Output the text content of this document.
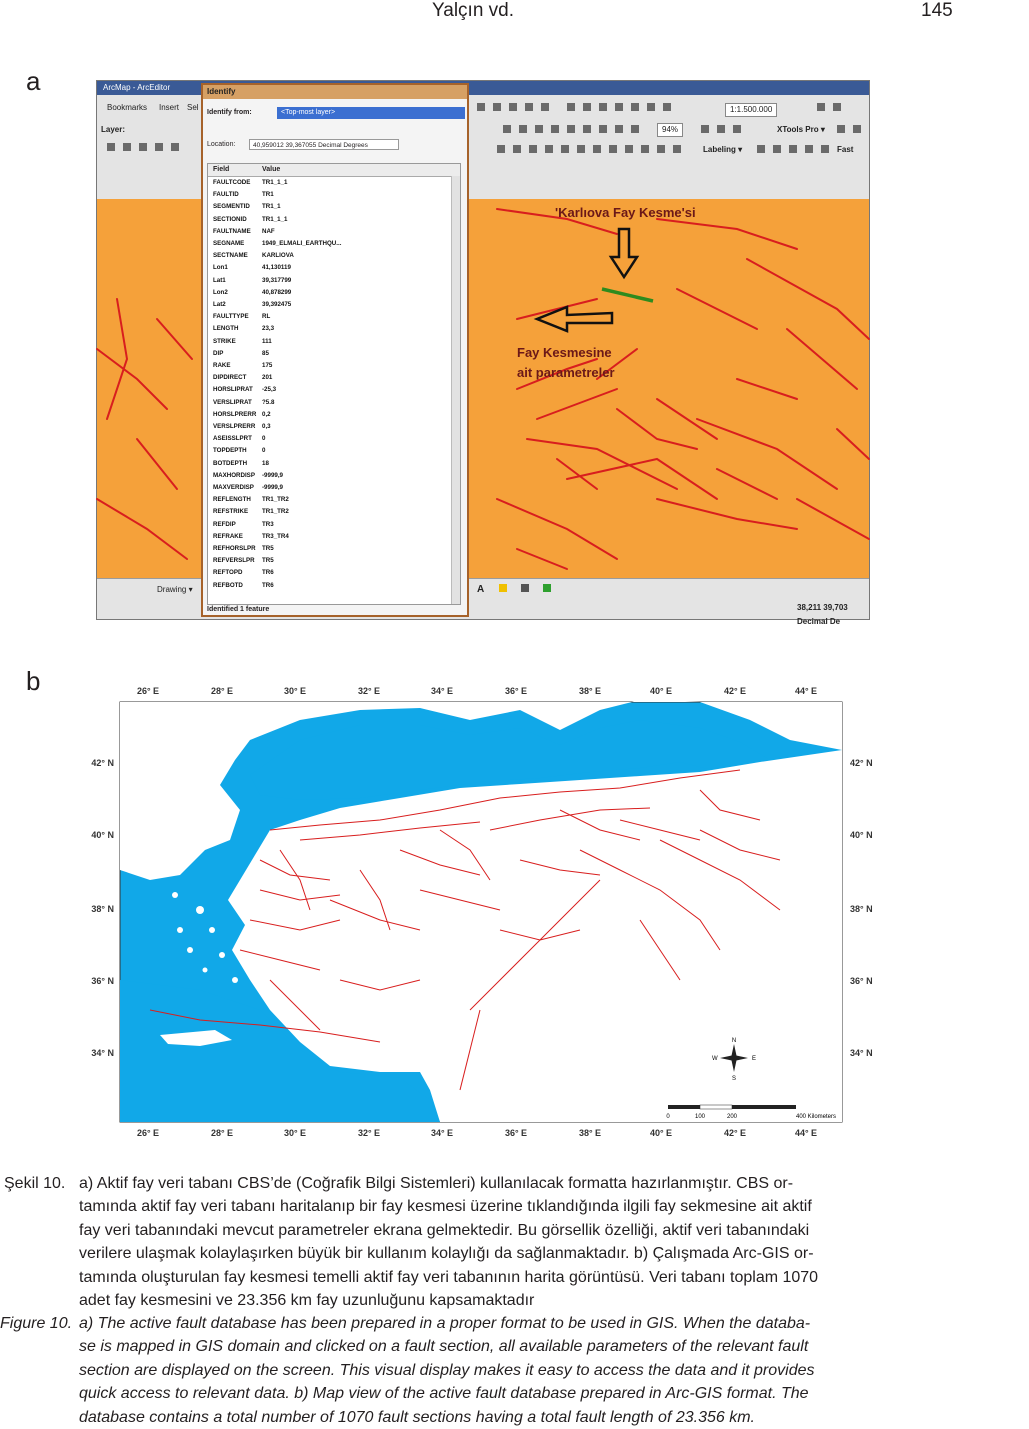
Yalçın vd.	145
a	ArcMap - ArcEditor
Bookmarks Insert Sel
Layer:
1:1.500.000
94%	XTools Pro ▾
Labeling ▾	Fast
'Karlıova Fay Kesme'si
Fay Kesmesine
ait parametreler
A
Drawing ▾
38,211 39,703 Decimal De
Identify
Identify from:	<Top-most layer>
Location:	40,959012 39,367055 Decimal Degrees
Field	Value
FAULTCODE TR1_1_1
FAULTID	TR1
SEGMENTID TR1_1
SECTIONID TR1_1_1
FAULTNAME NAF
SEGNAME	1949_ELMALI_EARTHQU...
SECTNAME KARLIOVA
Lon1	41,130119
Lat1	39,317799
Lon2	40,878299
Lat2	39,392475
FAULTTYPE RL
LENGTH	23,3
STRIKE	111
DIP	85
RAKE	175
DIPDIRECT	201
HORSLIPRAT -25,3
VERSLIPRAT ?5.8
HORSLPRERR 0,2
VERSLPRERR 0,3
ASEISSLPRT 0
TOPDEPTH 0
BOTDEPTH 18
MAXHORDISP -9999,9
MAXVERDISP -9999,9
REFLENGTH TR1_TR2
REFSTRIKE TR1_TR2
REFDIP	TR3
REFRAKE	TR3_TR4
REFHORSLPR TR5
REFVERSLPR TR5
REFTOPD	TR6
REFBOTD	TR6
Identified 1 feature
b	26° E	28° E	30° E	32° E	34° E	36° E	38° E	40° E	42° E	44° E
26° E	28° E	30° E	32° E	34° E	36° E	38° E	40° E	42° E	44° E
42° N
40° N
38° N
36° N
34° N
42° N
40° N
38° N
36° N
34° N
N
S
E
W
0	100	200	400 Kilometers
Şekil 10. a) Aktif fay veri tabanı CBS’de (Coğrafik Bilgi Sistemleri) kullanılacak formatta hazırlanmıştır. CBS or-
tamında aktif fay veri tabanı haritalanıp bir fay kesmesi üzerine tıklandığında ilgili fay sekmesine ait aktif
fay veri tabanındaki mevcut parametreler ekrana gelmektedir. Bu görsellik özelliği, aktif veri tabanındaki
verilere ulaşmak kolaylaşırken büyük bir kullanım kolaylığı da sağlanmaktadır. b) Çalışmada Arc-GIS or-
tamında oluşturulan fay kesmesi temelli aktif fay veri tabanının harita görüntüsü. Veri tabanı toplam 1070
adet fay kesmesini ve 23.356 km fay uzunluğunu kapsamaktadır
Figure 10. a) The active fault database has been prepared in a proper format to be used in GIS. When the databa-
se is mapped in GIS domain and clicked on a fault section, all available parameters of the relevant fault
section are displayed on the screen. This visual display makes it easy to access the data and it provides
quick access to relevant data. b) Map view of the active fault database prepared in Arc-GIS format. The
database contains a total number of 1070 fault sections having a total fault length of 23.356 km.
